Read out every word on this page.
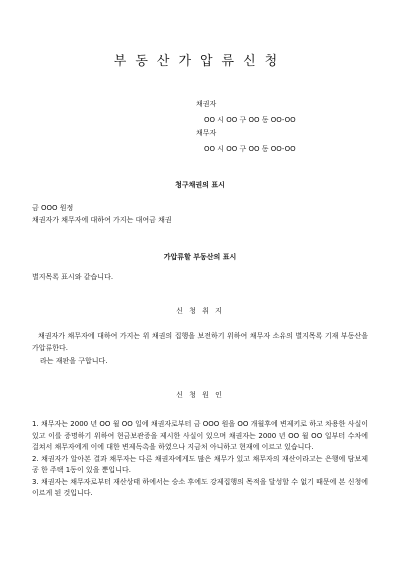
부동산가압류신청
채권자
OO 시 OO 구 OO 동 OO-OO
채무자
OO 시 OO 구 OO 동 OO-OO
청구채권의 표시
금 OOO 원정
채권자가 채무자에 대하여 가지는 대여금 채권
가압류할 부동산의 표시
별지목록 표시와 같습니다.
신 청 취 지
채권자가 채무자에 대하여 가지는 위 채권의 집행을 보전하기 위하여 채무자 소유의 별지목록 기재 부동산을 가압류한다.
라는 재판을 구합니다.
신 청 원 인
1. 채무자는 2000 년 OO 월 OO 일에 채권자로부터 금 OOO 원을 OO 개월후에 변제키로 하고 차용한 사실이 있고 이를 증명하기 위하여 현금보관증을 제시한 사실이 있으며 채권자는 2000 년 OO 월 OO 일부터 수차에 걸쳐서 채무자에게 이에 대한 변제독촉을 하였으나 지금처 아니하고 현재에 이르고 있습니다.
2. 채권자가 알아본 결과 채무자는 다른 채권자에게도 많은 채무가 있고 채무자의 재산이라고는 은행에 담보제공 한 주택 1동이 있을 뿐입니다.
3. 채권자는 채무자로부터 재산상태 하에서는 승소 후에도 강제집행의 목적을 달성할 수 없기 때문에 본 신청에 이르게 된 것입니다.
